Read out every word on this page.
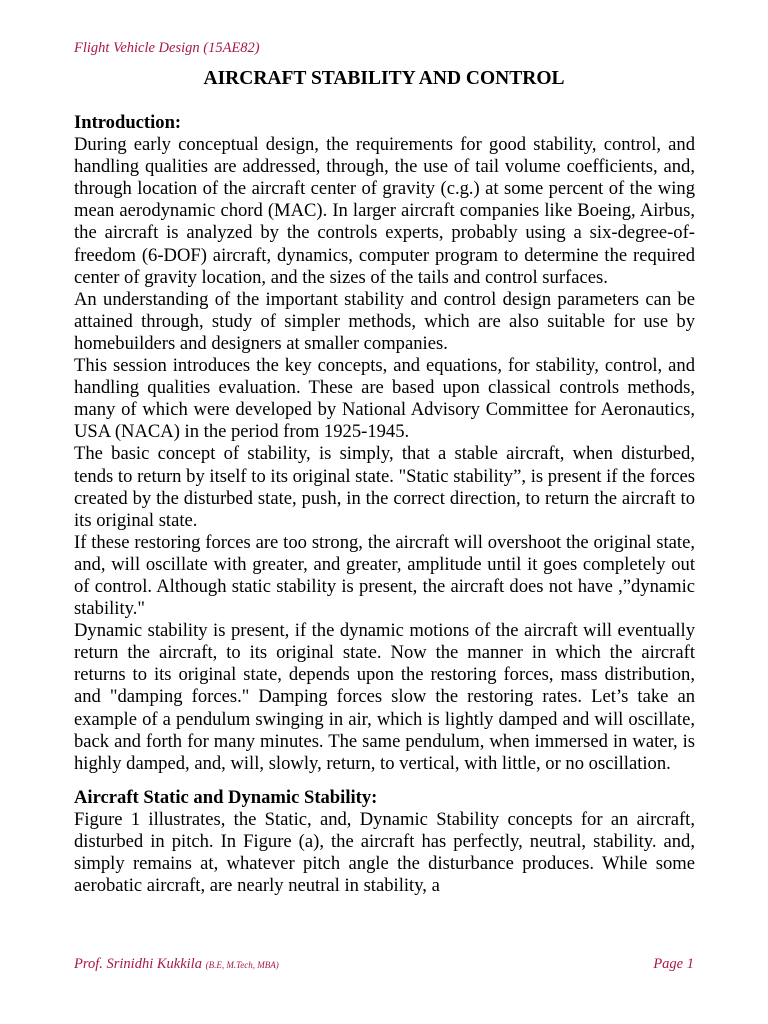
Flight Vehicle Design (15AE82)
AIRCRAFT STABILITY AND CONTROL

Introduction:

During early conceptual design, the requirements for good stability, control, and handling qualities are addressed, through, the use of tail volume coefficients, and, through location of the aircraft center of gravity (c.g.) at some percent of the wing mean aerodynamic chord (MAC). In larger aircraft companies like Boeing, Airbus, the aircraft is analyzed by the controls experts, probably using a six-degree-of-freedom (6-DOF) aircraft, dynamics, computer program to determine the required center of gravity location, and the sizes of the tails and control surfaces.

An understanding of the important stability and control design parameters can be attained through, study of simpler methods, which are also suitable for use by homebuilders and designers at smaller companies.

This session introduces the key concepts, and equations, for stability, control, and handling qualities evaluation. These are based upon classical controls methods, many of which were developed by National Advisory Committee for Aeronautics, USA (NACA) in the period from 1925-1945.

The basic concept of stability, is simply, that a stable aircraft, when disturbed, tends to return by itself to its original state. "Static stability”, is present if the forces created by the disturbed state, push, in the correct direction, to return the aircraft to its original state.

If these restoring forces are too strong, the aircraft will overshoot the original state, and, will oscillate with greater, and greater, amplitude until it goes completely out of control. Although static stability is present, the aircraft does not have ,”dynamic stability."

Dynamic stability is present, if the dynamic motions of the aircraft will eventually return the aircraft, to its original state. Now the manner in which the aircraft returns to its original state, depends upon the restoring forces, mass distribution, and "damping forces." Damping forces slow the restoring rates. Let’s take an example of a pendulum swinging in air, which is lightly damped and will oscillate, back and forth for many minutes. The same pendulum, when immersed in water, is highly damped, and, will, slowly, return, to vertical, with little, or no oscillation.

Aircraft Static and Dynamic Stability:

Figure 1 illustrates, the Static, and, Dynamic Stability concepts for an aircraft, disturbed in pitch. In Figure (a), the aircraft has perfectly, neutral, stability. and, simply remains at, whatever pitch angle the disturbance produces. While some aerobatic aircraft, are nearly neutral in stability, a

Prof. Srinidhi Kukkila (B.E, M.Tech, MBA)	Page 1
